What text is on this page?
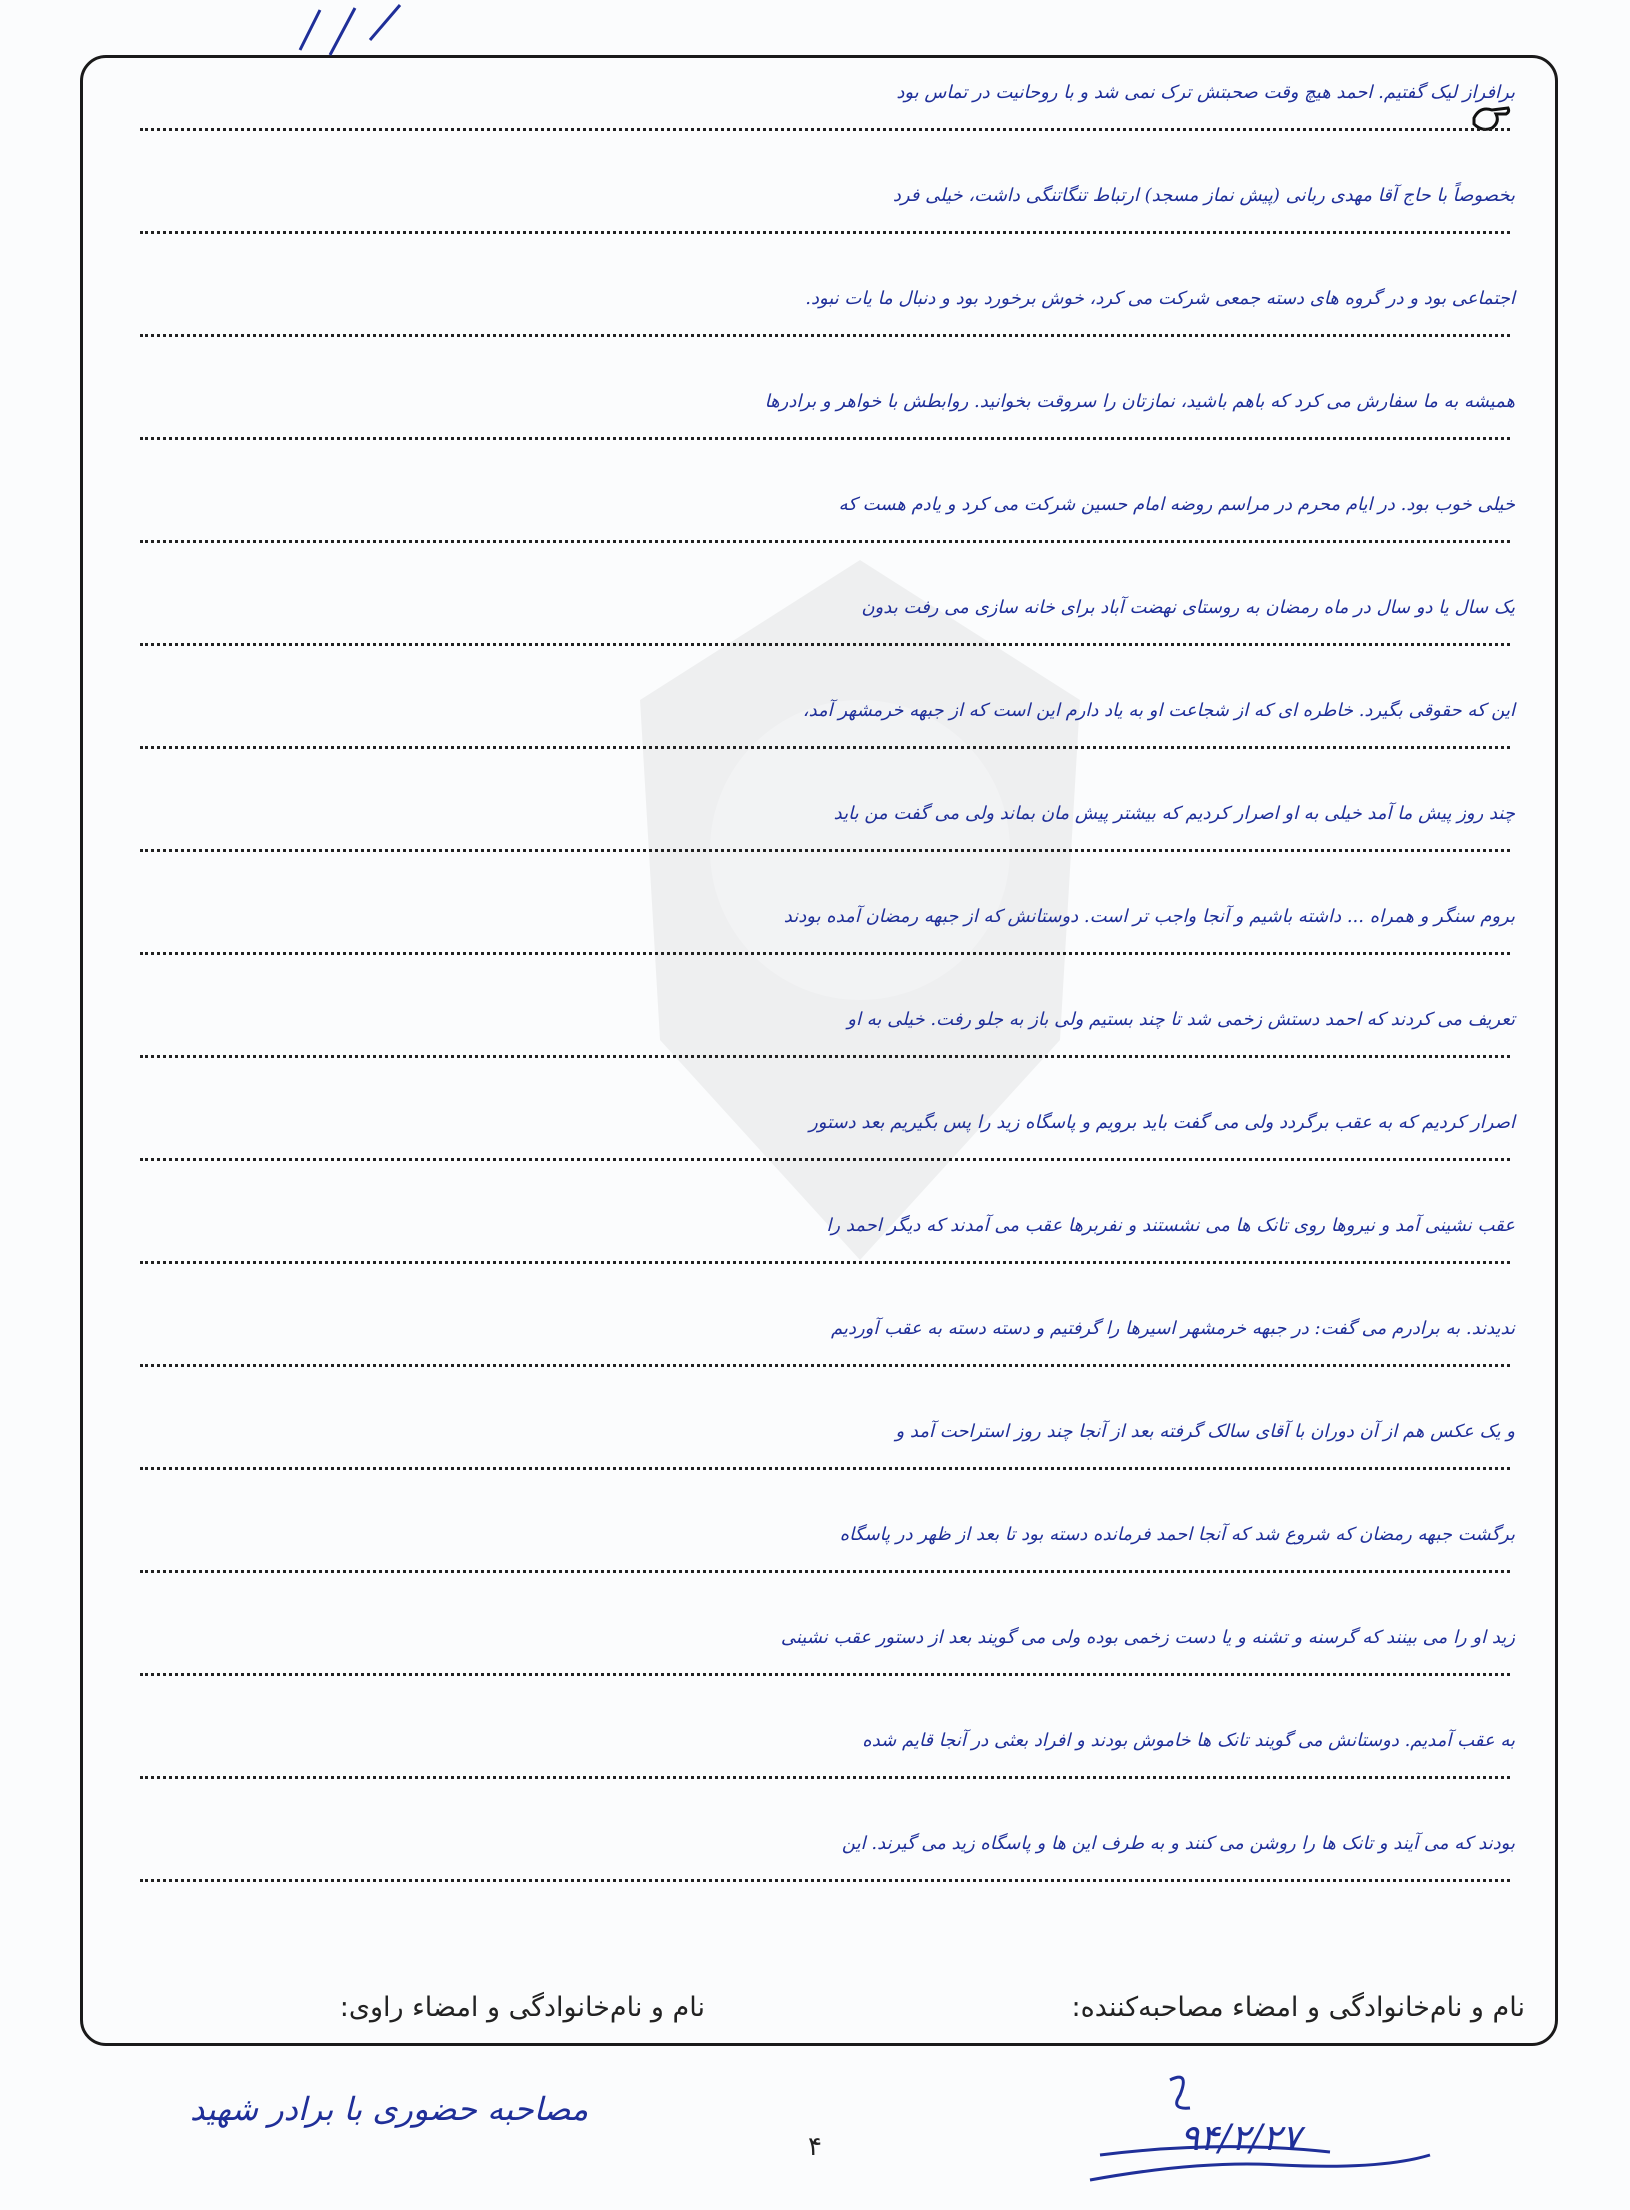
برافراز لیک گفتیم. احمد هیچ وقت صحبتش ترک نمی شد و با روحانیت در تماس بود
بخصوصاً با حاج آقا مهدی ربانی (پیش نماز مسجد) ارتباط تنگاتنگی داشت، خیلی فرد
اجتماعی بود و در گروه های دسته جمعی شرکت می کرد، خوش برخورد بود و دنبال ما یات نبود.
همیشه به ما سفارش می کرد که باهم باشید، نمازتان را سروقت بخوانید. روابطش با خواهر و برادرها
خیلی خوب بود. در ایام محرم در مراسم روضه امام حسین شرکت می کرد و یادم هست که
یک سال یا دو سال در ماه رمضان به روستای نهضت آباد برای خانه سازی می رفت بدون
این که حقوقی بگیرد. خاطره ای که از شجاعت او به یاد دارم این است که از جبهه خرمشهر آمد،
چند روز پیش ما آمد خیلی به او اصرار کردیم که بیشتر پیش مان بماند ولی می گفت من باید
بروم سنگر و همراه ... داشته باشیم و آنجا واجب تر است. دوستانش که از جبهه رمضان آمده بودند
تعریف می کردند که احمد دستش زخمی شد تا چند بستیم ولی باز به جلو رفت. خیلی به او
اصرار کردیم که به عقب برگردد ولی می گفت باید برویم و پاسگاه زید را پس بگیریم بعد دستور
عقب نشینی آمد و نیروها روی تانک ها می نشستند و نفربرها عقب می آمدند که دیگر احمد را
ندیدند. به برادرم می گفت: در جبهه خرمشهر اسیرها را گرفتیم و دسته دسته به عقب آوردیم
و یک عکس هم از آن دوران با آقای سالک گرفته بعد از آنجا چند روز استراحت آمد و
برگشت جبهه رمضان که شروع شد که آنجا احمد فرمانده دسته بود تا بعد از ظهر در پاسگاه
زید او را می بینند که گرسنه و تشنه و یا دست زخمی بوده ولی می گویند بعد از دستور عقب نشینی
به عقب آمدیم. دوستانش می گویند تانک ها خاموش بودند و افراد بعثی در آنجا قایم شده
بودند که می آیند و تانک ها را روشن می کنند و به طرف این ها و پاسگاه زید می گیرند. این
نام و نام‌خانوادگی و امضاء مصاحبه‌کننده:
نام و نام‌خانوادگی و امضاء راوی:
مصاحبه حضوری با برادر شهید
۹۴/۲/۲۷
۴
